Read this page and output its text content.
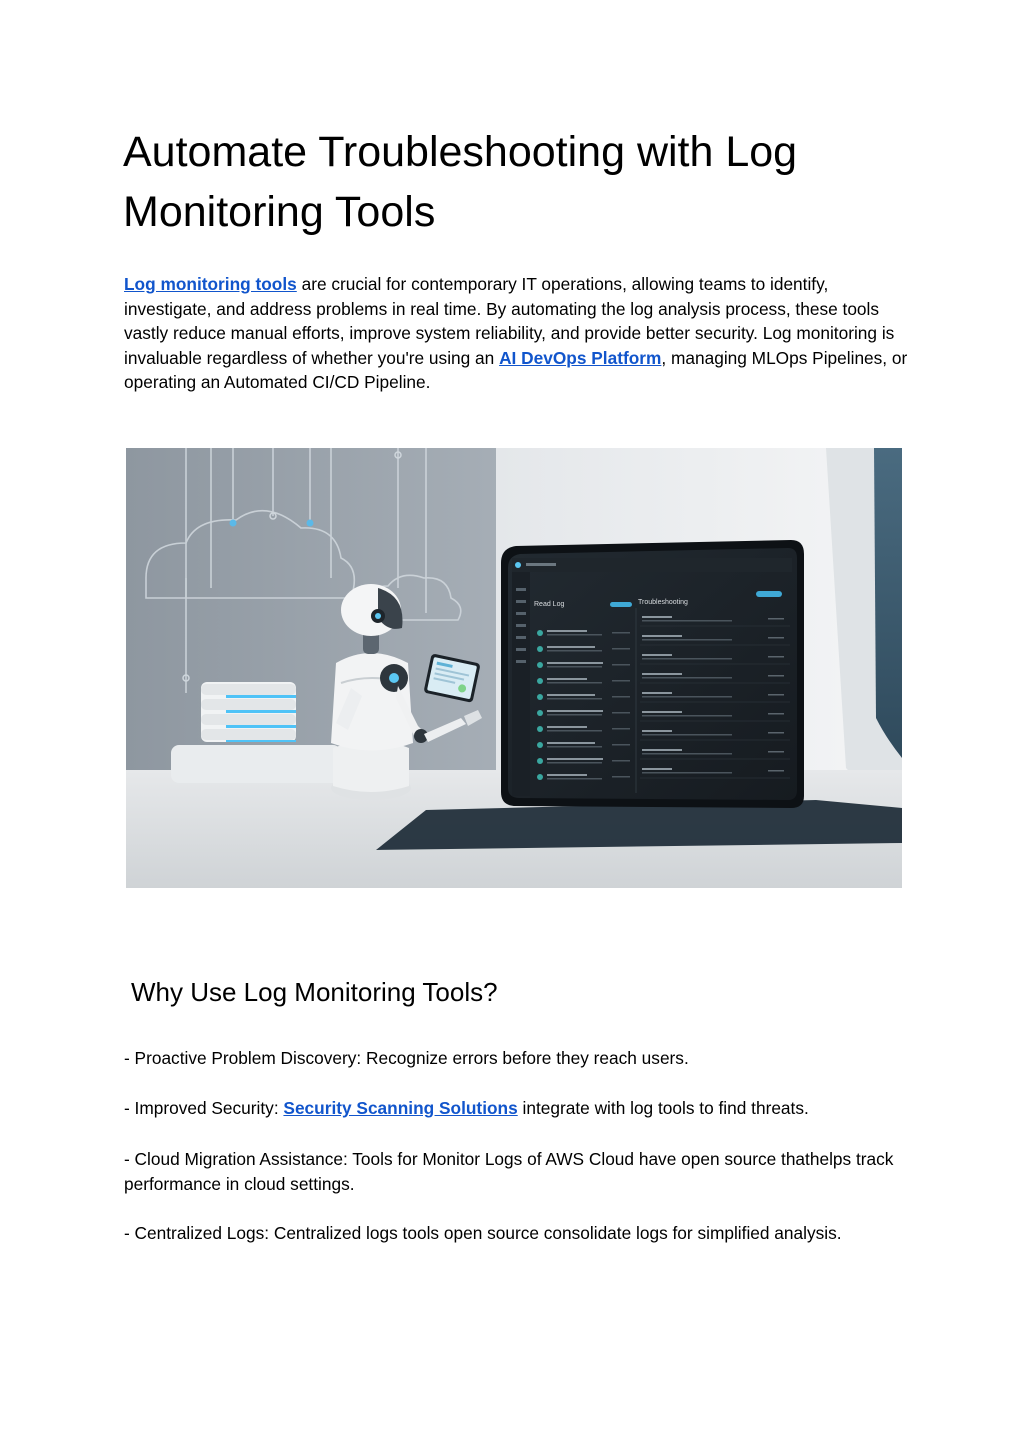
Automate Troubleshooting with Log Monitoring Tools

Log monitoring tools are crucial for contemporary IT operations, allowing teams to identify, investigate, and address problems in real time. By automating the log analysis process, these tools vastly reduce manual efforts, improve system reliability, and provide better security. Log monitoring is invaluable regardless of whether you're using an AI DevOps Platform, managing MLOps Pipelines, or operating an Automated CI/CD Pipeline.

Read Log	Troubleshooting
Why Use Log Monitoring Tools?

- Proactive Problem Discovery: Recognize errors before they reach users.

- Improved Security: Security Scanning Solutions integrate with log tools to find threats.

- Cloud Migration Assistance: Tools for Monitor Logs of AWS Cloud have open source thathelps track performance in cloud settings.

- Centralized Logs: Centralized logs tools open source consolidate logs for simplified analysis.
